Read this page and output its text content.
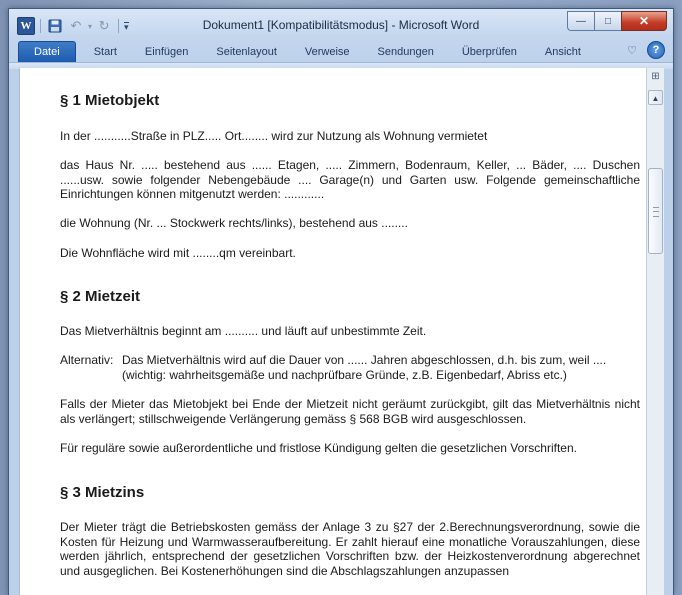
W	↶ ▾ ↻ ▾	Dokument1 [Kompatibilitätsmodus] - Microsoft Word	— □ ✕
Datei	Start	Einfügen	Seitenlayout	Verweise	Sendungen	Überprüfen	Ansicht	♡	?
§ 1 Mietobjekt

In der ...........Straße in PLZ..... Ort........ wird zur Nutzung als Wohnung vermietet

das Haus Nr. ..... bestehend aus ...... Etagen, ..... Zimmern, Bodenraum, Keller, ... Bäder, .... Duschen ......usw. sowie folgender Nebengebäude .... Garage(n) und Garten usw. Folgende gemeinschaftliche Einrichtungen können mitgenutzt werden: ............

die Wohnung (Nr. ... Stockwerk rechts/links), bestehend aus ........

Die Wohnfläche wird mit ........qm vereinbart.

§ 2 Mietzeit

Das Mietverhältnis beginnt am .......... und läuft auf unbestimmte Zeit.

Alternativ: Das Mietverhältnis wird auf die Dauer von ...... Jahren abgeschlossen, d.h. bis zum, weil .... (wichtig: wahrheitsgemäße und nachprüfbare Gründe, z.B. Eigenbedarf, Abriss etc.)

Falls der Mieter das Mietobjekt bei Ende der Mietzeit nicht geräumt zurückgibt, gilt das Mietverhältnis nicht als verlängert; stillschweigende Verlängerung gemäss § 568 BGB wird ausgeschlossen.

Für reguläre sowie außerordentliche und fristlose Kündigung gelten die gesetzlichen Vorschriften.

§ 3 Mietzins

Der Mieter trägt die Betriebskosten gemäss der Anlage 3 zu §27 der 2.Berechnungsverordnung, sowie die Kosten für Heizung und Warmwasseraufbereitung. Er zahlt hierauf eine monatliche Vorauszahlungen, diese werden jährlich, entsprechend der gesetzlichen Vorschriften bzw. der Heizkostenverordnung abgerechnet und ausgeglichen. Bei Kostenerhöhungen sind die Abschlagszahlungen anzupassen

⊞
▲
